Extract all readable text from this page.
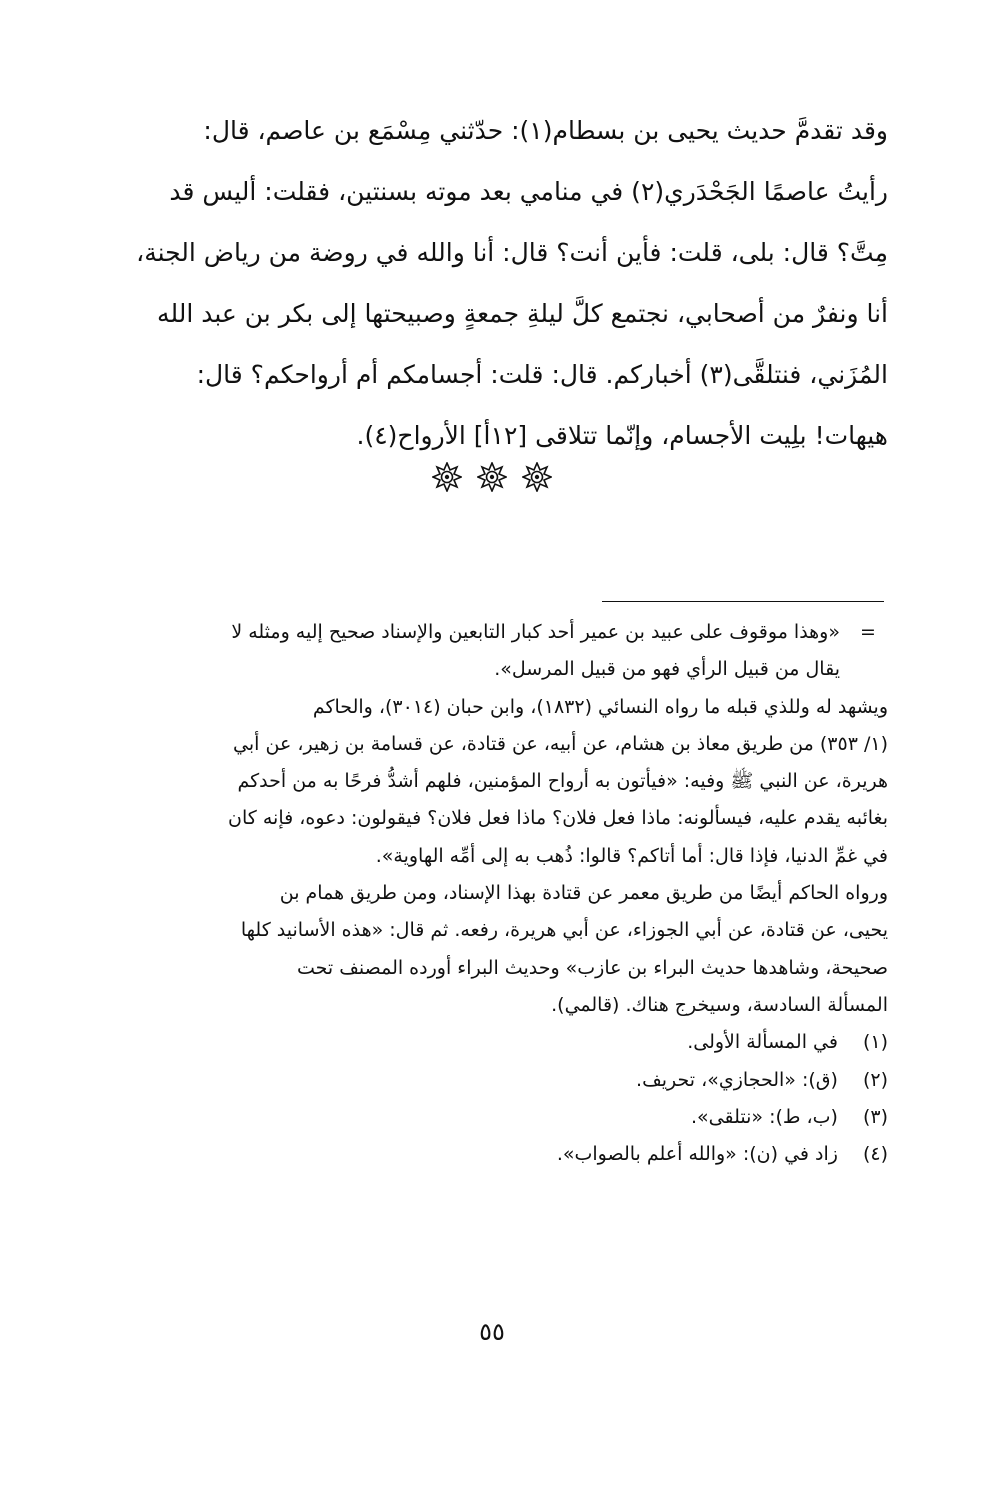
وقد تقدمَّ حديث يحيى بن بسطام(١): حدّثني مِسْمَع بن عاصم، قال:
رأيتُ عاصمًا الجَحْدَري(٢) في منامي بعد موته بسنتين، فقلت: أليس قد
مِتَّ؟ قال: بلى، قلت: فأين أنت؟ قال: أنا والله في روضة من رياض الجنة،
أنا ونفرٌ من أصحابي، نجتمع كلَّ ليلةِ جمعةٍ وصبيحتها إلى بكر بن عبد الله
المُزَني، فنتلقَّى(٣) أخباركم. قال: قلت: أجسامكم أم أرواحكم؟ قال:
هيهات! بلِيت الأجسام، وإنّما تتلاقى [١٢أ] الأرواح(٤).

=
«وهذا موقوف على عبيد بن عمير أحد كبار التابعين والإسناد صحيح إليه ومثله لا
يقال من قبيل الرأي فهو من قبيل المرسل».
ويشهد له وللذي قبله ما رواه النسائي (١٨٣٢)، وابن حبان (٣٠١٤)، والحاكم
(١/ ٣٥٣) من طريق معاذ بن هشام، عن أبيه، عن قتادة، عن قسامة بن زهير، عن أبي
هريرة، عن النبي ﷺ وفيه: «فيأتون به أرواح المؤمنين، فلهم أشدُّ فرحًا به من أحدكم
بغائبه يقدم عليه، فيسألونه: ماذا فعل فلان؟ ماذا فعل فلان؟ فيقولون: دعوه، فإنه كان
في غمِّ الدنيا، فإذا قال: أما أتاكم؟ قالوا: ذُهب به إلى أمِّه الهاوية».
ورواه الحاكم أيضًا من طريق معمر عن قتادة بهذا الإسناد، ومن طريق همام بن
يحيى، عن قتادة، عن أبي الجوزاء، عن أبي هريرة، رفعه. ثم قال: «هذه الأسانيد كلها
صحيحة، وشاهدها حديث البراء بن عازب» وحديث البراء أورده المصنف تحت
المسألة السادسة، وسيخرج هناك. (قالمي).
(١) في المسألة الأولى.
(٢) (ق): «الحجازي»، تحريف.
(٣) (ب، ط): «نتلقى».
(٤) زاد في (ن): «والله أعلم بالصواب».
٥٥
